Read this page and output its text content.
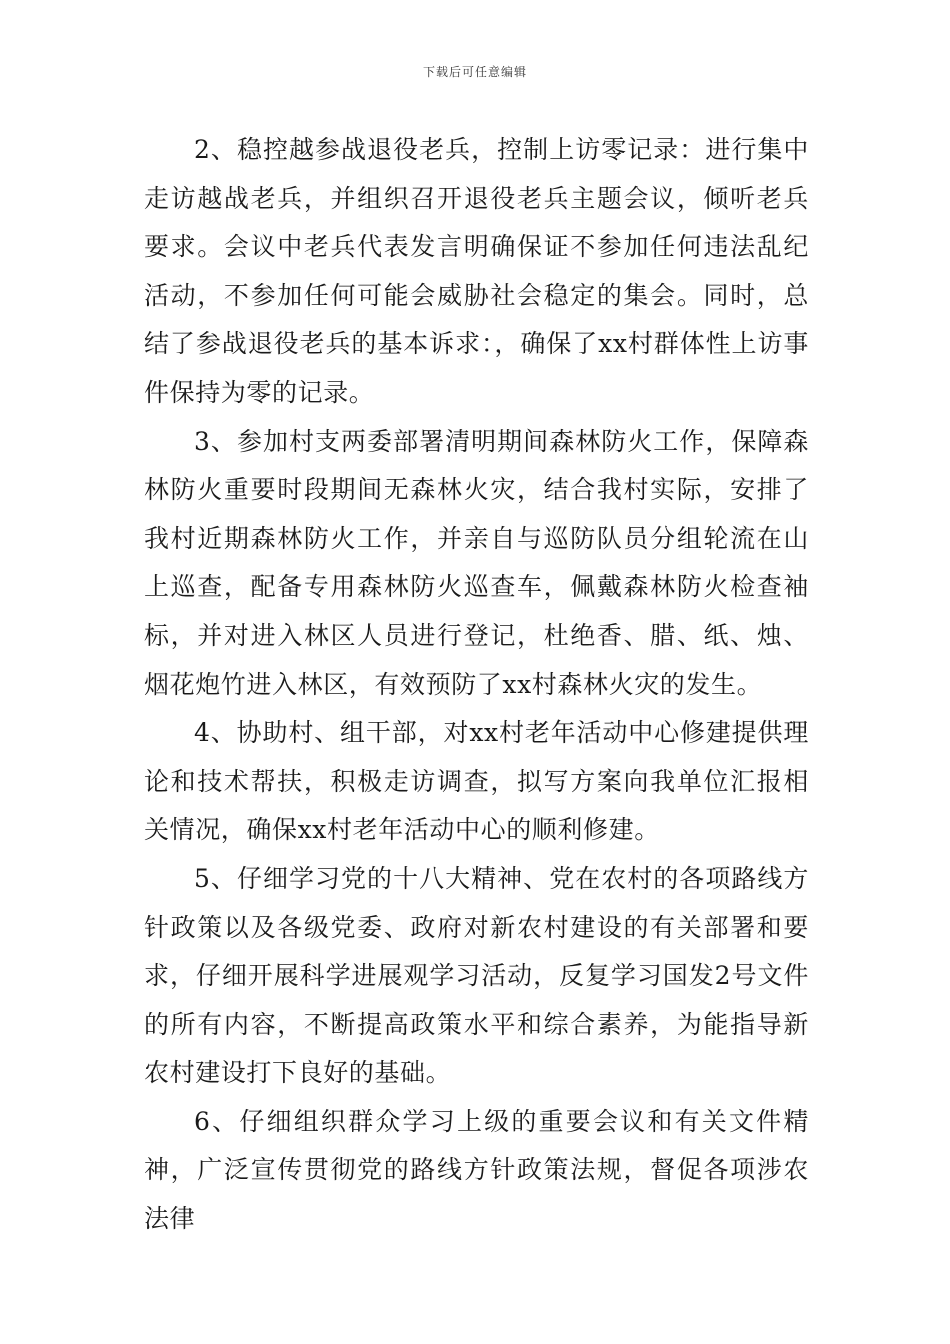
下载后可任意编辑

2、稳控越参战退役老兵，控制上访零记录：进行集中走访越战老兵，并组织召开退役老兵主题会议，倾听老兵要求。会议中老兵代表发言明确保证不参加任何违法乱纪活动，不参加任何可能会威胁社会稳定的集会。同时，总结了参战退役老兵的基本诉求：，确保了xx村群体性上访事件保持为零的记录。

3、参加村支两委部署清明期间森林防火工作，保障森林防火重要时段期间无森林火灾，结合我村实际，安排了我村近期森林防火工作，并亲自与巡防队员分组轮流在山上巡查，配备专用森林防火巡查车，佩戴森林防火检查袖标，并对进入林区人员进行登记，杜绝香、腊、纸、烛、烟花炮竹进入林区，有效预防了xx村森林火灾的发生。

4、协助村、组干部，对xx村老年活动中心修建提供理论和技术帮扶，积极走访调查，拟写方案向我单位汇报相关情况，确保xx村老年活动中心的顺利修建。

5、仔细学习党的十八大精神、党在农村的各项路线方针政策以及各级党委、政府对新农村建设的有关部署和要求，仔细开展科学进展观学习活动，反复学习国发2号文件的所有内容，不断提高政策水平和综合素养，为能指导新农村建设打下良好的基础。

6、仔细组织群众学习上级的重要会议和有关文件精神，广泛宣传贯彻党的路线方针政策法规，督促各项涉农法律
